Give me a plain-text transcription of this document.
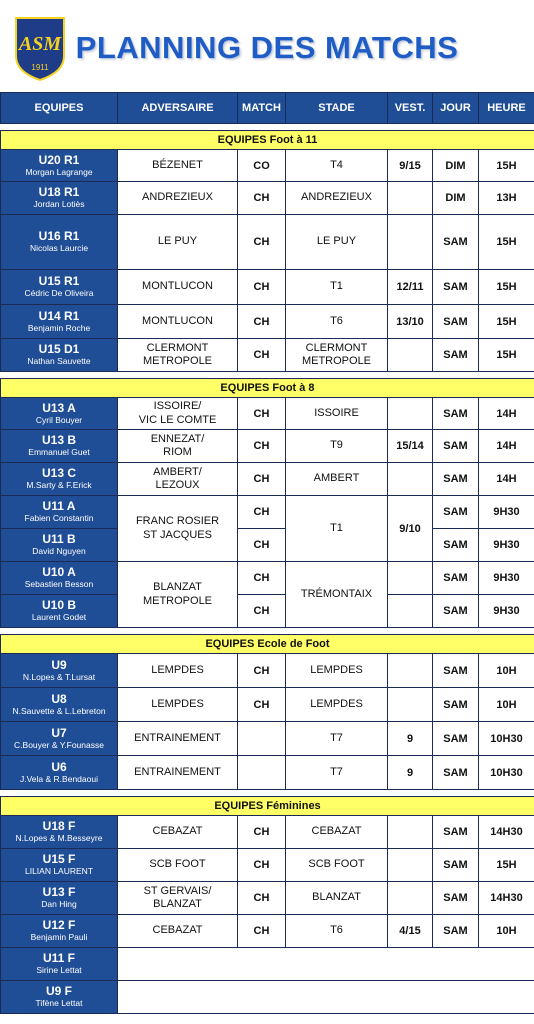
ASM
1911
PLANNING DES MATCHS
EQUIPES	ADVERSAIRE	MATCH	STADE	VEST.	JOUR	HEURE

EQUIPES Foot à 11						

U20 R1
Morgan Lagrange	BÉZENET	CO	T4	9/15	DIM	15H

U18 R1
Jordan Lotiès	ANDREZIEUX	CH	ANDREZIEUX		DIM	13H

U16 R1
Nicolas Laurcie	LE PUY	CH	LE PUY		SAM	15H

U15 R1
Cédric De Oliveira	MONTLUCON	CH	T1	12/11	SAM	15H

U14 R1
Benjamin Roche	MONTLUCON	CH	T6	13/10	SAM	15H

U15 D1
Nathan Sauvette	CLERMONT
METROPOLE	CH	CLERMONT
METROPOLE		SAM	15H

EQUIPES Foot à 8						

U13 A
Cyril Bouyer	ISSOIRE/
VIC LE COMTE	CH	ISSOIRE		SAM	14H

U13 B
Emmanuel Guet	ENNEZAT/
RIOM	CH	T9	15/14	SAM	14H

U13 C
M.Sarty & F.Erick	AMBERT/
LEZOUX	CH	AMBERT		SAM	14H

U11 A
Fabien Constantin	FRANC ROSIER
ST JACQUES	CH	T1	9/10	SAM	9H30

U11 B
David Nguyen		CH			SAM	9H30

U10 A
Sebastien Besson	BLANZAT
METROPOLE	CH	TRÉMONTAIX		SAM	9H30

U10 B
Laurent Godet		CH			SAM	9H30

EQUIPES Ecole de Foot						

U9
N.Lopes & T.Lursat	LEMPDES	CH	LEMPDES		SAM	10H

U8
N.Sauvette & L.Lebreton	LEMPDES	CH	LEMPDES		SAM	10H

U7
C.Bouyer & Y.Founasse	ENTRAINEMENT		T7	9	SAM	10H30

U6
J.Vela & R.Bendaoui	ENTRAINEMENT		T7	9	SAM	10H30

EQUIPES Féminines						

U18 F
N.Lopes & M.Besseyre	CEBAZAT	CH	CEBAZAT		SAM	14H30

U15 F
LILIAN LAURENT	SCB FOOT	CH	SCB FOOT		SAM	15H

U13 F
Dan Hing	ST GERVAIS/
BLANZAT	CH	BLANZAT		SAM	14H30

U12 F
Benjamin Pauli	CEBAZAT	CH	T6	4/15	SAM	10H

U11 F
Sirine Lettat						

U9 F
Tifène Lettat						
